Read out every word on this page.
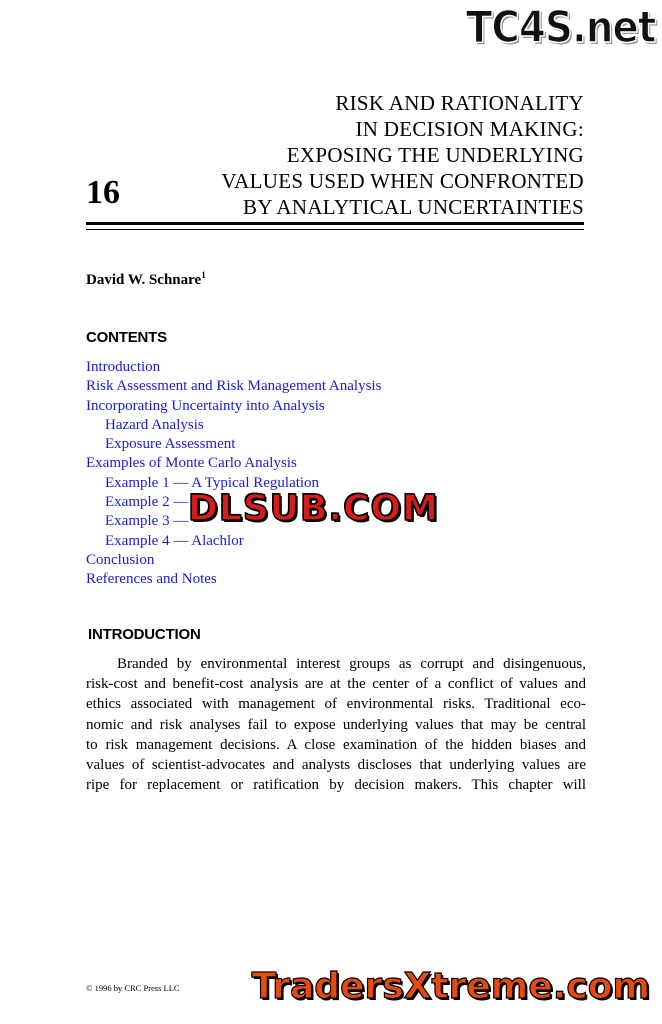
TC4S.net
RISK AND RATIONALITY
IN DECISION MAKING:
EXPOSING THE UNDERLYING
VALUES USED WHEN CONFRONTED
BY ANALYTICAL UNCERTAINTIES
16
David W. Schnare$^1$
CONTENTS
Introduction
Risk Assessment and Risk Management Analysis
Incorporating Uncertainty into Analysis
Hazard Analysis
Exposure Assessment
Examples of Monte Carlo Analysis
Example 1 — A Typical Regulation
Example 2 —
Example 3 —
Example 4 — Alachlor
Conclusion
References and Notes
DLSUB.COM
INTRODUCTION
Branded by environmental interest groups as corrupt and disingenuous,
risk-cost and benefit-cost analysis are at the center of a conflict of values and
ethics associated with management of environmental risks. Traditional eco-
nomic and risk analyses fail to expose underlying values that may be central
to risk management decisions. A close examination of the hidden biases and
values of scientist-advocates and analysts discloses that underlying values are
ripe for replacement or ratification by decision makers. This chapter will
© 1996 by CRC Press LLC TradersXtreme.com
